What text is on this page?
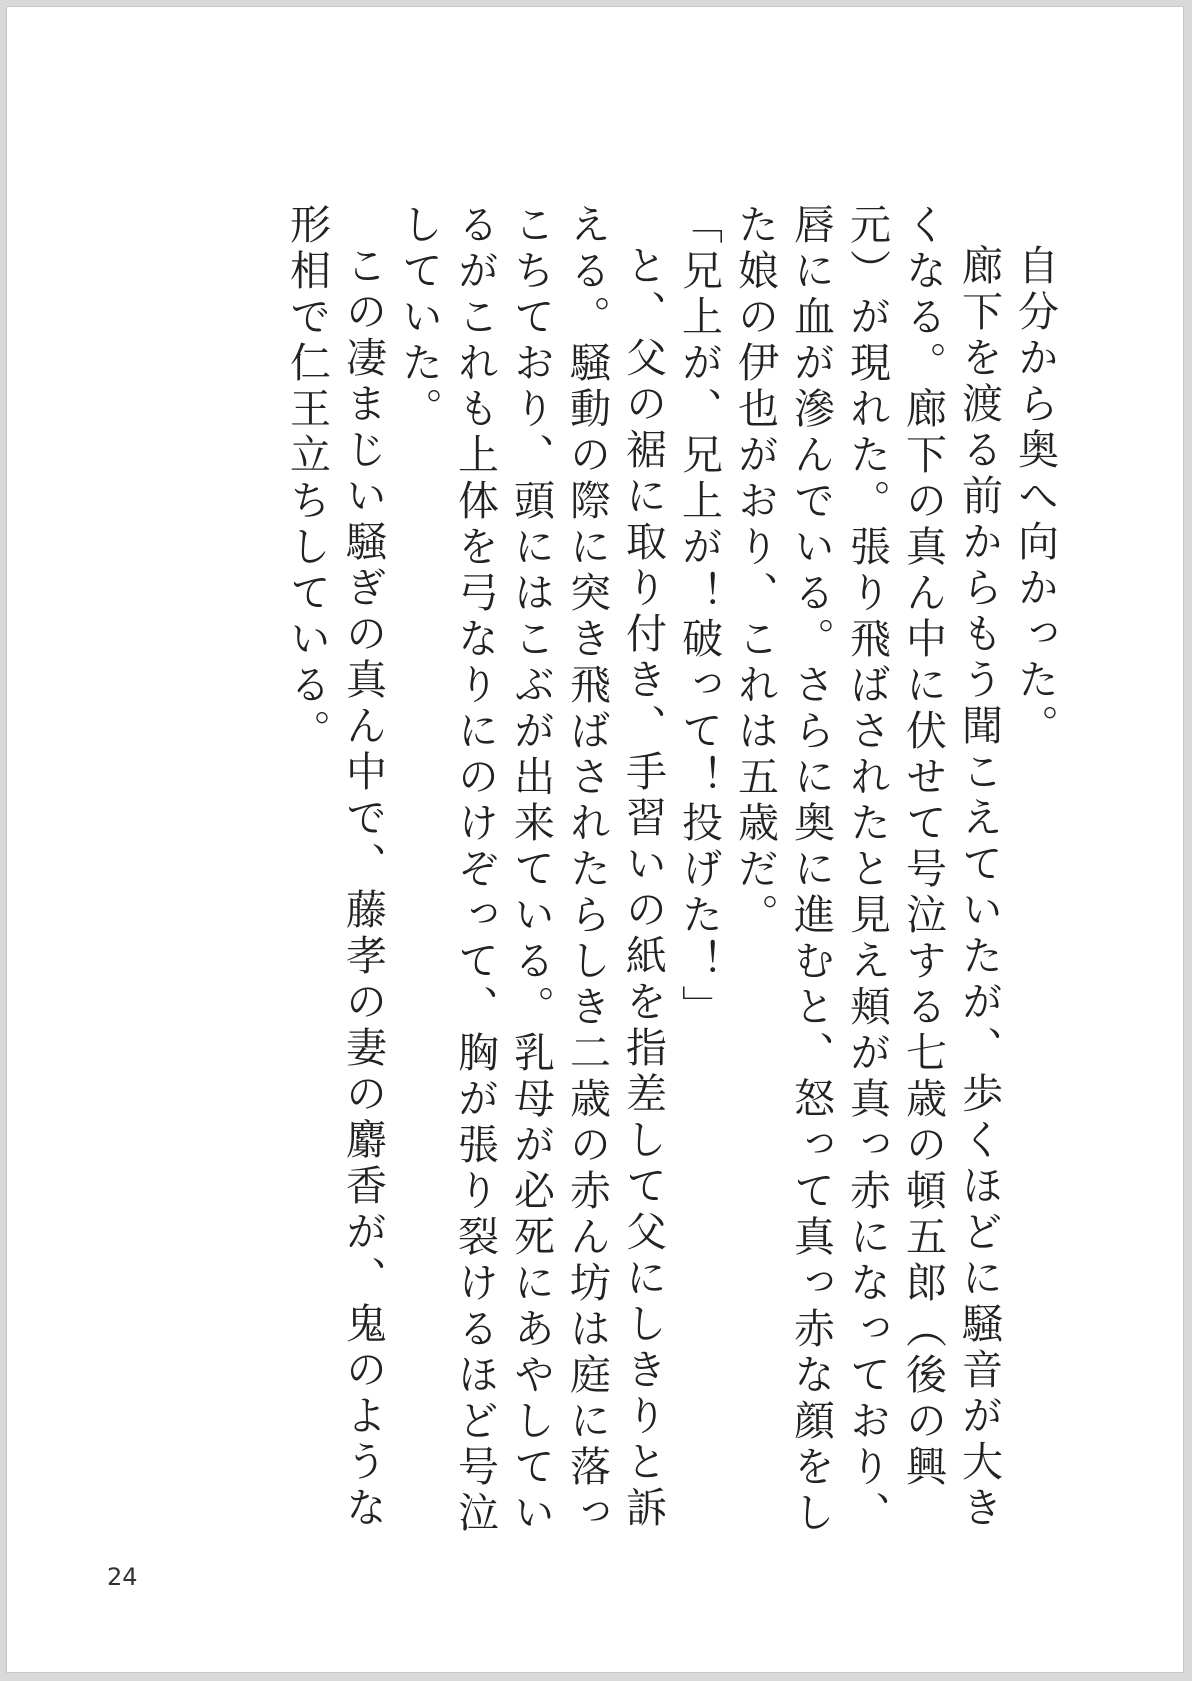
自分から奥へ向かった。

廊下を渡る前からもう聞こえていたが、歩くほどに騒音が大きくなる。廊下の真ん中に伏せて号泣する七歳の頓五郎（後の興元）が現れた。張り飛ばされたと見え頬が真っ赤になっており、唇に血が滲んでいる。さらに奥に進むと、怒って真っ赤な顔をした娘の伊也がおり、これは五歳だ。

「兄上が、兄上が！破って！投げた！」

と、父の裾に取り付き、手習いの紙を指差して父にしきりと訴える。騒動の際に突き飛ばされたらしき二歳の赤ん坊は庭に落っこちており、頭にはこぶが出来ている。乳母が必死にあやしているがこれも上体を弓なりにのけぞって、胸が張り裂けるほど号泣していた。

この凄まじい騒ぎの真ん中で、藤孝の妻の麝香が、鬼のような形相で仁王立ちしている。

24
